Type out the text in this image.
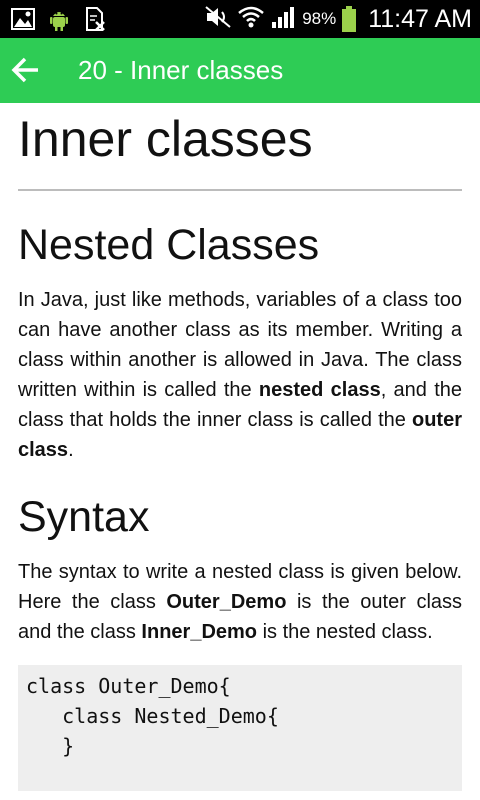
98% 11:47 AM
20 - Inner classes
Inner classes
Nested Classes

In Java, just like methods, variables of a class too can have another class as its member. Writing a class within another is allowed in Java. The class written within is called the nested class, and the class that holds the inner class is called the outer class.

Syntax

The syntax to write a nested class is given below. Here the class Outer_Demo is the outer class and the class Inner_Demo is the nested class.

class Outer_Demo{
class Nested_Demo{
}
